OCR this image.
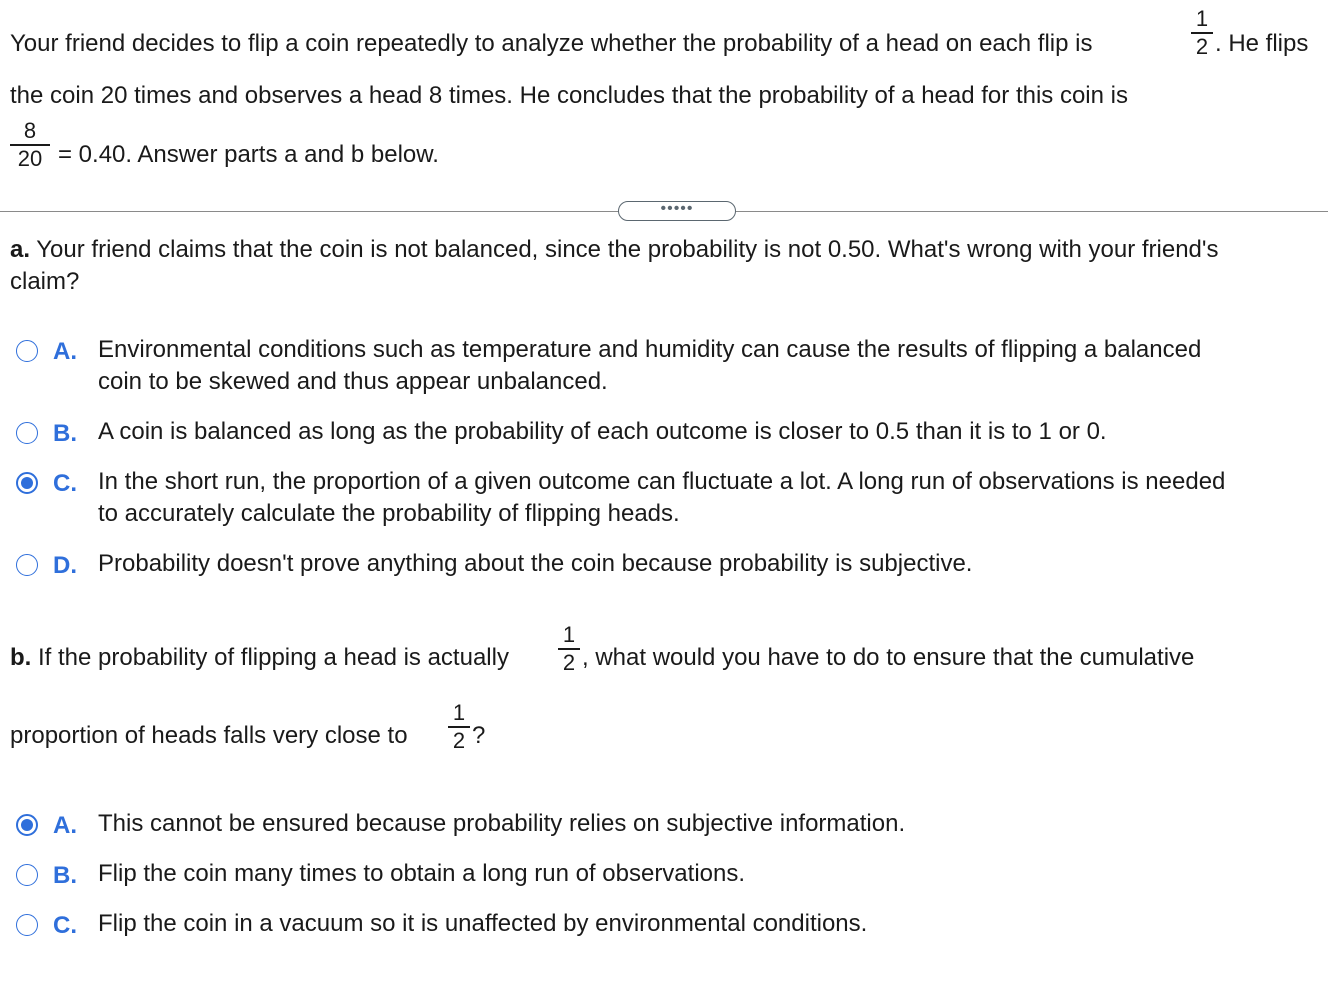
Your friend decides to flip a coin repeatedly to analyze whether the probability of a head on each flip is
1
2 . He flips
the coin 20 times and observes a head 8 times. He concludes that the probability of a head for this coin is
8
20 = 0.40. Answer parts a and b below.
•••••
a. Your friend claims that the coin is not balanced, since the probability is not 0.50. What's wrong with your friend's
claim?
A. Environmental conditions such as temperature and humidity can cause the results of flipping a balanced
coin to be skewed and thus appear unbalanced.
B. A coin is balanced as long as the probability of each outcome is closer to 0.5 than it is to 1 or 0.
C. In the short run, the proportion of a given outcome can fluctuate a lot. A long run of observations is needed
to accurately calculate the probability of flipping heads.
D. Probability doesn't prove anything about the coin because probability is subjective.
b. If the probability of flipping a head is actually
1
2 , what would you have to do to ensure that the cumulative
proportion of heads falls very close to
1
2 ?
A. This cannot be ensured because probability relies on subjective information.
B. Flip the coin many times to obtain a long run of observations.
C. Flip the coin in a vacuum so it is unaffected by environmental conditions.
